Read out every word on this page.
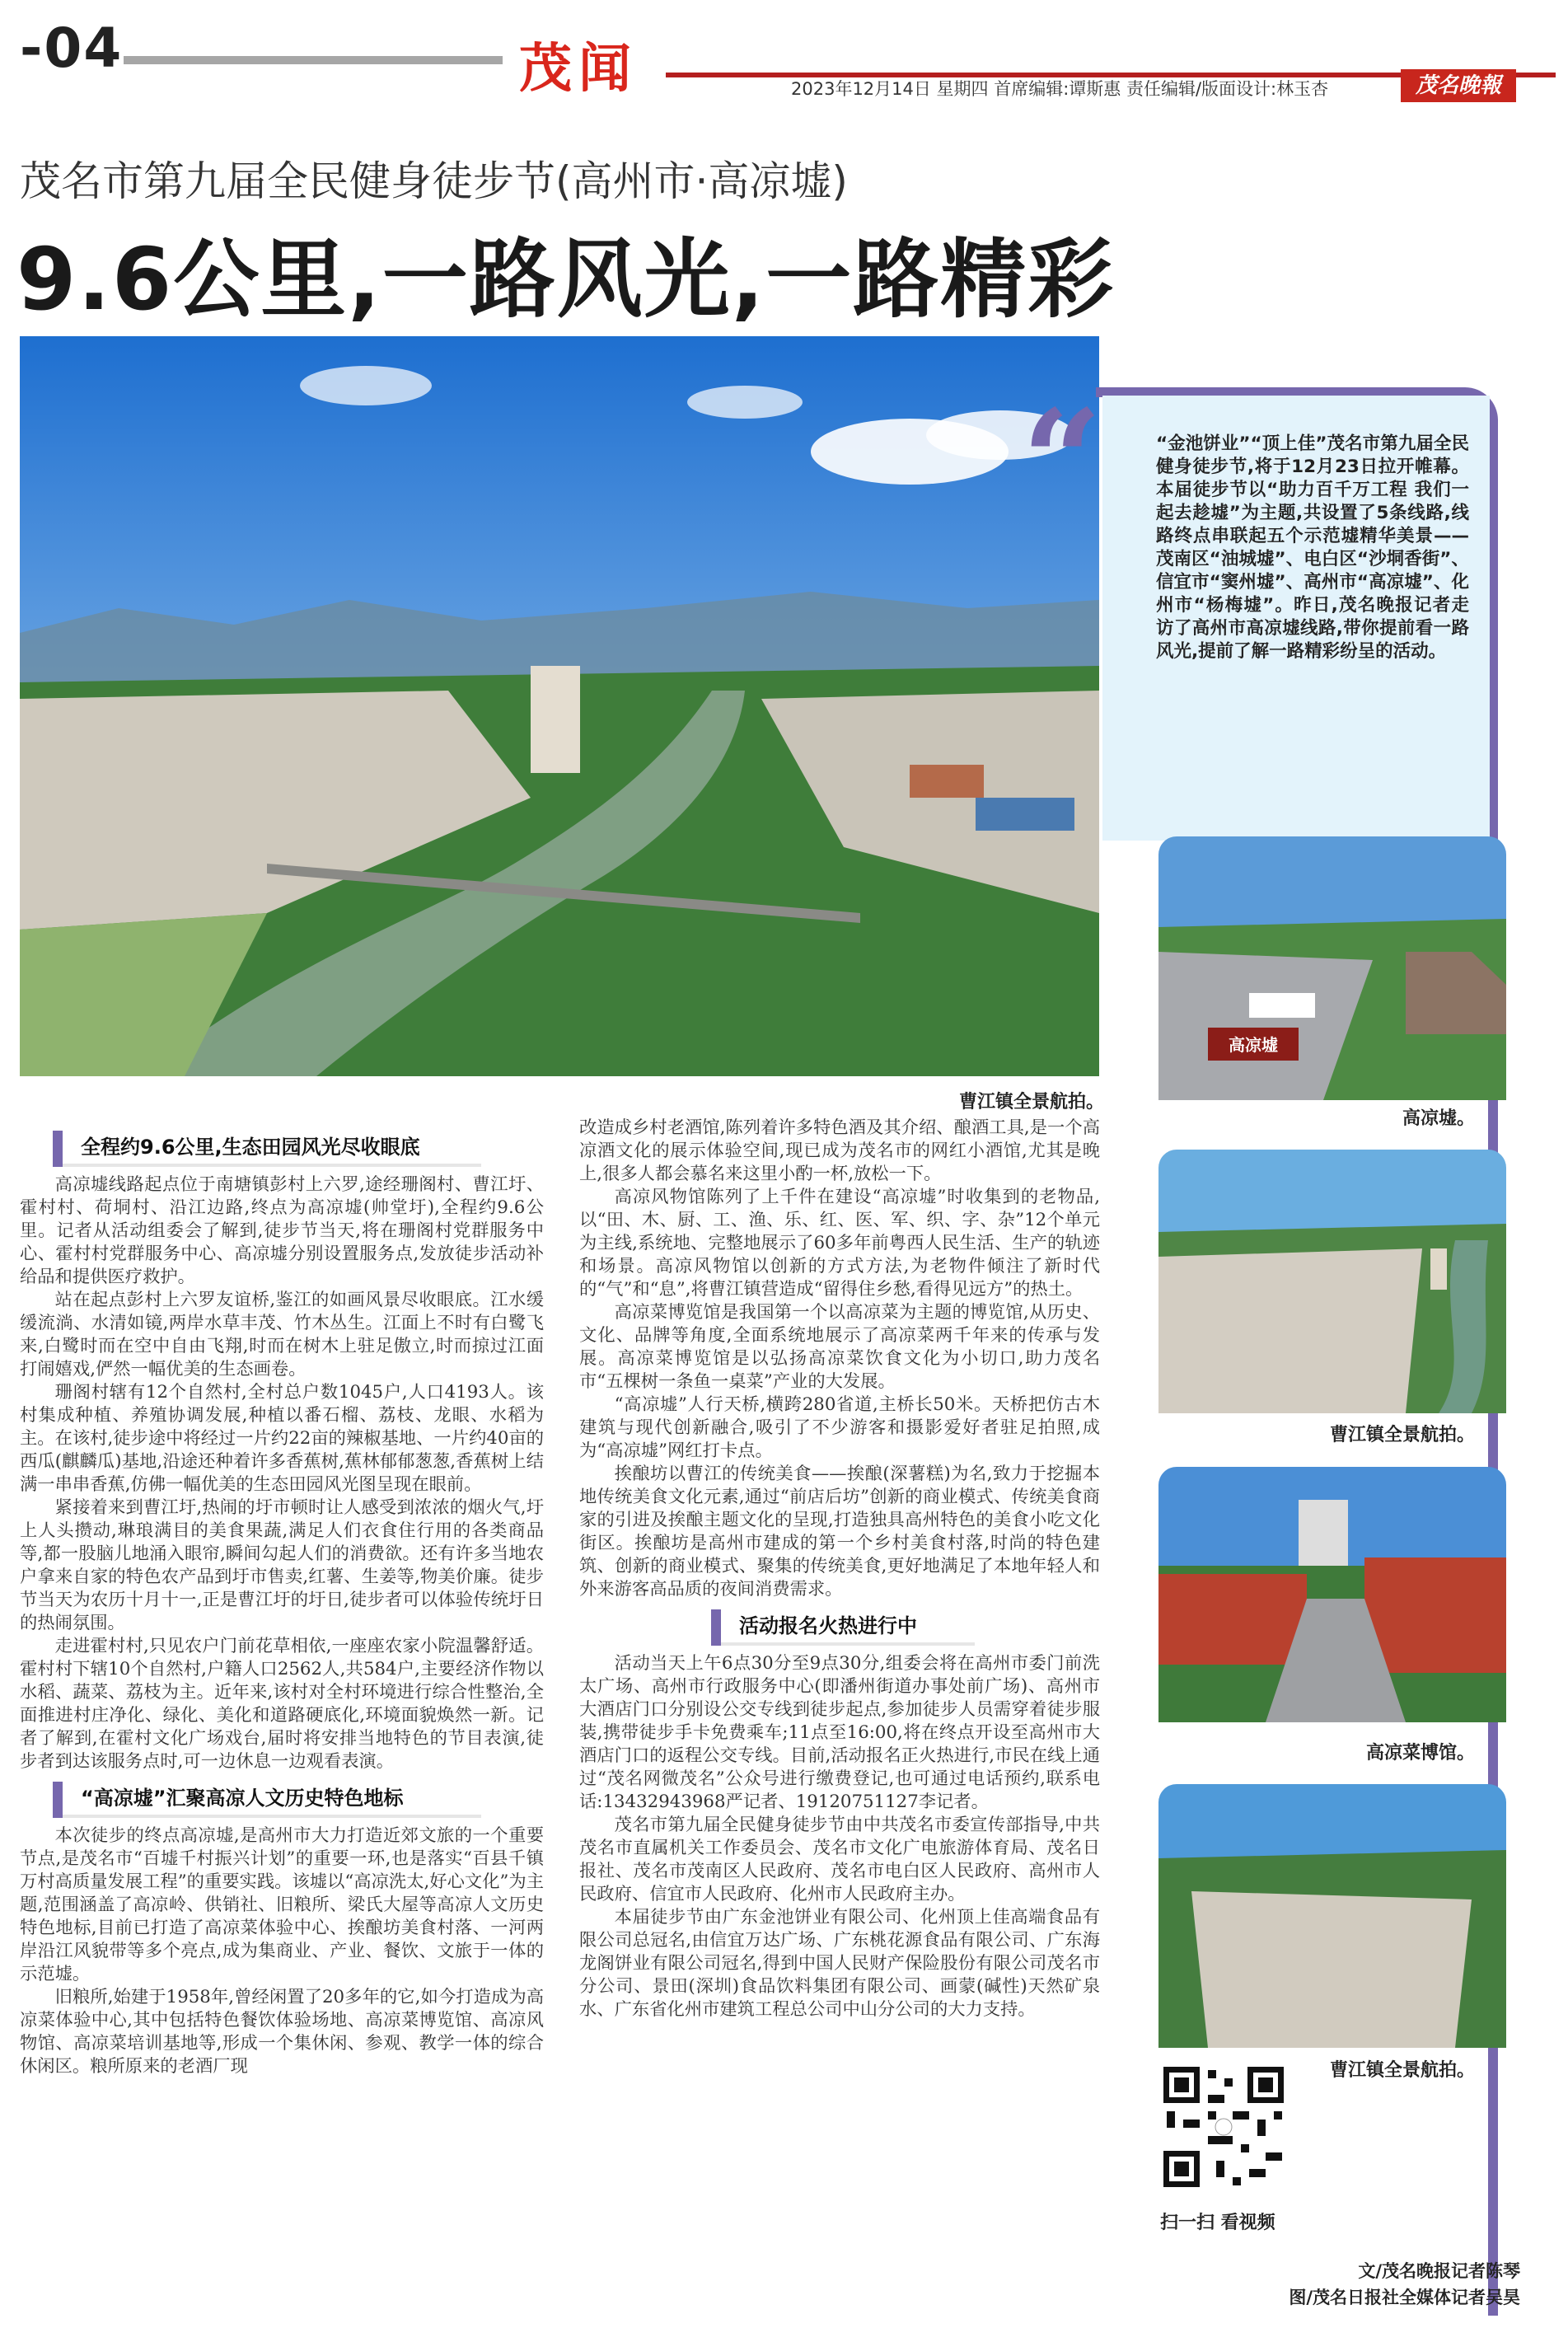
-04	茂闻	2023年12月14日 星期四 首席编辑:谭斯惠 责任编辑/版面设计:林玉杏	茂名晚報
茂名市第九届全民健身徒步节(高州市·高凉墟)
9.6公里,一路风光,一路精彩
曹江镇全景航拍。
“	“金池饼业”“顶上佳”茂名市第九届全民健身徒步节,将于12月23日拉开帷幕。本届徒步节以“助力百千万工程 我们一起去趁墟”为主题,共设置了5条线路,线路终点串联起五个示范墟精华美景——茂南区“油城墟”、电白区“沙垌香街”、信宜市“窦州墟”、高州市“高凉墟”、化州市“杨梅墟”。昨日,茂名晚报记者走访了高州市高凉墟线路,带你提前看一路风光,提前了解一路精彩纷呈的活动。
高凉墟
高凉墟。
曹江镇全景航拍。
高凉菜博馆。
曹江镇全景航拍。
扫一扫 看视频
文/茂名晚报记者陈琴
图/茂名日报社全媒体记者吴昊
全程约9.6公里,生态田园风光尽收眼底

高凉墟线路起点位于南塘镇彭村上六罗,途经珊阁村、曹江圩、霍村村、荷垌村、沿江边路,终点为高凉墟(帅堂圩),全程约9.6公里。记者从活动组委会了解到,徒步节当天,将在珊阁村党群服务中心、霍村村党群服务中心、高凉墟分别设置服务点,发放徒步活动补给品和提供医疗救护。

站在起点彭村上六罗友谊桥,鉴江的如画风景尽收眼底。江水缓缓流淌、水清如镜,两岸水草丰茂、竹木丛生。江面上不时有白鹭飞来,白鹭时而在空中自由飞翔,时而在树木上驻足傲立,时而掠过江面打闹嬉戏,俨然一幅优美的生态画卷。

珊阁村辖有12个自然村,全村总户数1045户,人口4193人。该村集成种植、养殖协调发展,种植以番石榴、荔枝、龙眼、水稻为主。在该村,徒步途中将经过一片约22亩的辣椒基地、一片约40亩的西瓜(麒麟瓜)基地,沿途还种着许多香蕉树,蕉林郁郁葱葱,香蕉树上结满一串串香蕉,仿佛一幅优美的生态田园风光图呈现在眼前。

紧接着来到曹江圩,热闹的圩市顿时让人感受到浓浓的烟火气,圩上人头攒动,琳琅满目的美食果蔬,满足人们衣食住行用的各类商品等,都一股脑儿地涌入眼帘,瞬间勾起人们的消费欲。还有许多当地农户拿来自家的特色农产品到圩市售卖,红薯、生姜等,物美价廉。徒步节当天为农历十月十一,正是曹江圩的圩日,徒步者可以体验传统圩日的热闹氛围。

走进霍村村,只见农户门前花草相依,一座座农家小院温馨舒适。霍村村下辖10个自然村,户籍人口2562人,共584户,主要经济作物以水稻、蔬菜、荔枝为主。近年来,该村对全村环境进行综合性整治,全面推进村庄净化、绿化、美化和道路硬底化,环境面貌焕然一新。记者了解到,在霍村文化广场戏台,届时将安排当地特色的节目表演,徒步者到达该服务点时,可一边休息一边观看表演。

“高凉墟”汇聚高凉人文历史特色地标

本次徒步的终点高凉墟,是高州市大力打造近郊文旅的一个重要节点,是茂名市“百墟千村振兴计划”的重要一环,也是落实“百县千镇万村高质量发展工程”的重要实践。该墟以“高凉洗太,好心文化”为主题,范围涵盖了高凉岭、供销社、旧粮所、梁氏大屋等高凉人文历史特色地标,目前已打造了高凉菜体验中心、挨酿坊美食村落、一河两岸沿江风貌带等多个亮点,成为集商业、产业、餐饮、文旅于一体的示范墟。

旧粮所,始建于1958年,曾经闲置了20多年的它,如今打造成为高凉菜体验中心,其中包括特色餐饮体验场地、高凉菜博览馆、高凉风物馆、高凉菜培训基地等,形成一个集休闲、参观、教学一体的综合休闲区。粮所原来的老酒厂现

改造成乡村老酒馆,陈列着许多特色酒及其介绍、酿酒工具,是一个高凉酒文化的展示体验空间,现已成为茂名市的网红小酒馆,尤其是晚上,很多人都会慕名来这里小酌一杯,放松一下。

高凉风物馆陈列了上千件在建设“高凉墟”时收集到的老物品,以“田、木、厨、工、渔、乐、红、医、军、织、字、杂”12个单元为主线,系统地、完整地展示了60多年前粤西人民生活、生产的轨迹和场景。高凉风物馆以创新的方式方法,为老物件倾注了新时代的“气”和“息”,将曹江镇营造成“留得住乡愁,看得见远方”的热土。

高凉菜博览馆是我国第一个以高凉菜为主题的博览馆,从历史、文化、品牌等角度,全面系统地展示了高凉菜两千年来的传承与发展。高凉菜博览馆是以弘扬高凉菜饮食文化为小切口,助力茂名市“五棵树一条鱼一桌菜”产业的大发展。

“高凉墟”人行天桥,横跨280省道,主桥长50米。天桥把仿古木建筑与现代创新融合,吸引了不少游客和摄影爱好者驻足拍照,成为“高凉墟”网红打卡点。

挨酿坊以曹江的传统美食——挨酿(深薯糕)为名,致力于挖掘本地传统美食文化元素,通过“前店后坊”创新的商业模式、传统美食商家的引进及挨酿主题文化的呈现,打造独具高州特色的美食小吃文化街区。挨酿坊是高州市建成的第一个乡村美食村落,时尚的特色建筑、创新的商业模式、聚集的传统美食,更好地满足了本地年轻人和外来游客高品质的夜间消费需求。

活动报名火热进行中

活动当天上午6点30分至9点30分,组委会将在高州市委门前洗太广场、高州市行政服务中心(即潘州街道办事处前广场)、高州市大酒店门口分别设公交专线到徒步起点,参加徒步人员需穿着徒步服装,携带徒步手卡免费乘车;11点至16:00,将在终点开设至高州市大酒店门口的返程公交专线。目前,活动报名正火热进行,市民在线上通过“茂名网微茂名”公众号进行缴费登记,也可通过电话预约,联系电话:13432943968严记者、19120751127李记者。

茂名市第九届全民健身徒步节由中共茂名市委宣传部指导,中共茂名市直属机关工作委员会、茂名市文化广电旅游体育局、茂名日报社、茂名市茂南区人民政府、茂名市电白区人民政府、高州市人民政府、信宜市人民政府、化州市人民政府主办。

本届徒步节由广东金池饼业有限公司、化州顶上佳高端食品有限公司总冠名,由信宜万达广场、广东桃花源食品有限公司、广东海龙阁饼业有限公司冠名,得到中国人民财产保险股份有限公司茂名市分公司、景田(深圳)食品饮料集团有限公司、画蒙(碱性)天然矿泉水、广东省化州市建筑工程总公司中山分公司的大力支持。
